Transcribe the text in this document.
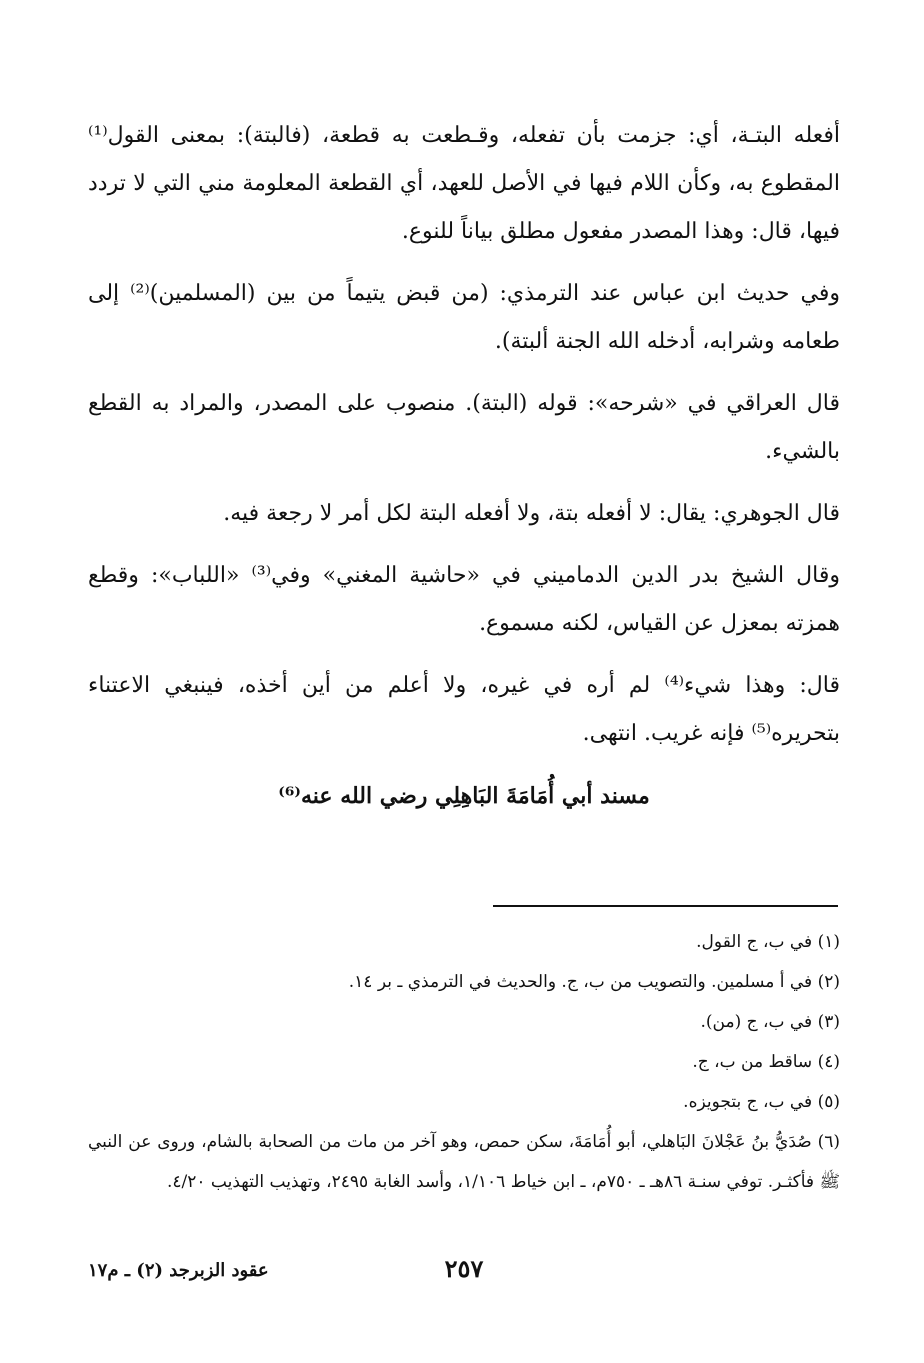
أفعله البتـة، أي: جزمت بأن تفعله، وقـطعت به قطعة، (فالبتة): بمعنى القول⁽¹⁾ المقطوع به، وكأن اللام فيها في الأصل للعهد، أي القطعة المعلومة مني التي لا تردد فيها، قال: وهذا المصدر مفعول مطلق بياناً للنوع.

وفي حديث ابن عباس عند الترمذي: (من قبض يتيماً من بين (المسلمين)⁽²⁾ إلى طعامه وشرابه، أدخله الله الجنة ألبتة).

قال العراقي في «شرحه»: قوله (البتة). منصوب على المصدر، والمراد به القطع بالشيء.

قال الجوهري: يقال: لا أفعله بتة، ولا أفعله البتة لكل أمر لا رجعة فيه.

وقال الشيخ بدر الدين الدماميني في «حاشية المغني» وفي⁽³⁾ «اللباب»: وقطع همزته بمعزل عن القياس، لكنه مسموع.

قال: وهذا شيء⁽⁴⁾ لم أره في غيره، ولا أعلم من أين أخذه، فينبغي الاعتناء بتحريره⁽⁵⁾ فإنه غريب. انتهى.

مسند أبي أُمَامَةَ البَاهِلِي رضي الله عنه⁽⁶⁾

(١) في ب، ج القول.

(٢) في أ مسلمين. والتصويب من ب، ج. والحديث في الترمذي ـ بر ١٤.

(٣) في ب، ج (من).

(٤) ساقط من ب، ج.

(٥) في ب، ج بتجويزه.

(٦) صُدَيُّ بنُ عَجْلانَ البَاهلي، أبو أُمَامَةَ، سكن حمص، وهو آخر من مات من الصحابة بالشام، وروى عن النبي ﷺ فأكثـر. توفي سنـة ٨٦هـ ـ ٧٥٠م، ـ ابن خياط ١/١٠٦، وأسد الغابة ٢٤٩٥، وتهذيب التهذيب ٤/٢٠.

٢٥٧
عقود الزبرجد (٢) ـ م١٧
